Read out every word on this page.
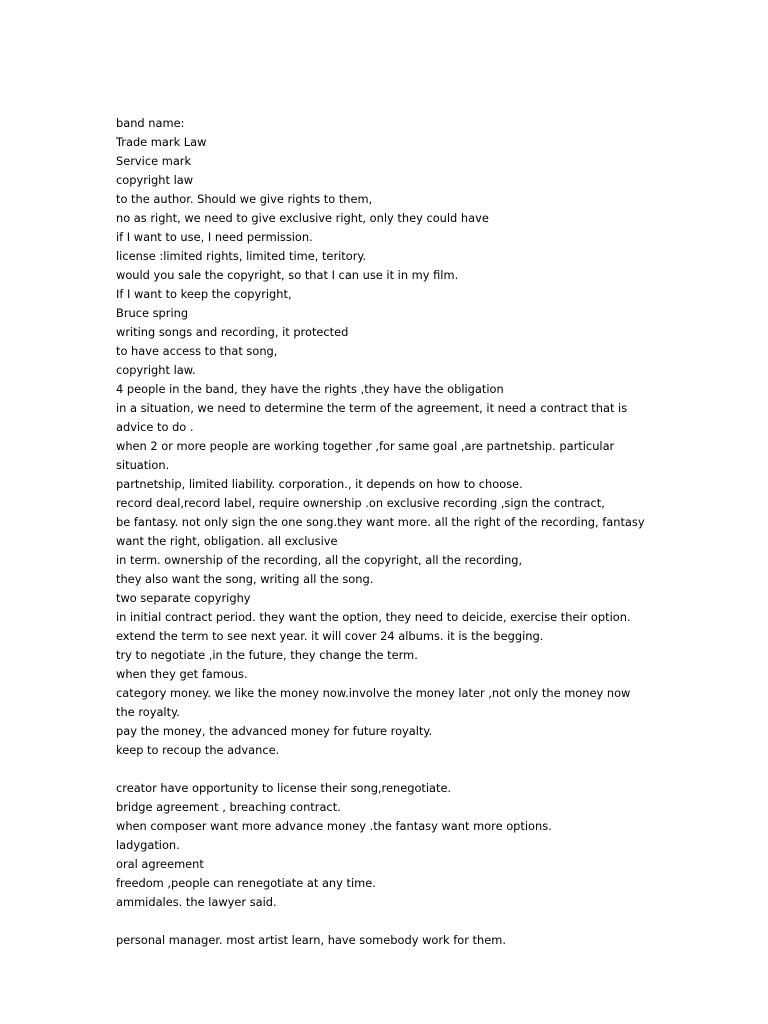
band name:
Trade mark Law
Service mark
copyright law
to the author. Should we give rights to them,
no as right, we need to give exclusive right, only they could have
if I want to use, I need permission.
license :limited rights, limited time, teritory.
would you sale the copyright, so that I can use it in my film.
If I want to keep the copyright,
Bruce spring
writing songs and recording, it protected
to have access to that song,
copyright law.
4 people in the band, they have the rights ,they have the obligation
in a situation, we need to determine the term of the agreement, it need a contract that is advice to do .
when 2 or more people are working together ,for same goal ,are partnetship. particular situation.
partnetship, limited liability. corporation., it depends on how to choose.
record deal,record label, require ownership .on exclusive recording ,sign the contract,
be fantasy. not only sign the one song.they want more. all the right of the recording, fantasy want the right, obligation. all exclusive
in term. ownership of the recording, all the copyright, all the recording,
they also want the song, writing all the song.
two separate copyrighy
in initial contract period. they want the option, they need to deicide, exercise their option.
extend the term to see next year. it will cover 24 albums. it is the begging.
try to negotiate ,in the future, they change the term.
when they get famous.
category money. we like the money now.involve the money later ,not only the money now
the royalty.
pay the money, the advanced money for future royalty.
keep to recoup the advance.
creator have opportunity to license their song,renegotiate.
bridge agreement , breaching contract.
when composer want more advance money .the fantasy want more options.
ladygation.
oral agreement
freedom ,people can renegotiate at any time.
ammidales. the lawyer said.
personal manager. most artist learn, have somebody work for them.
